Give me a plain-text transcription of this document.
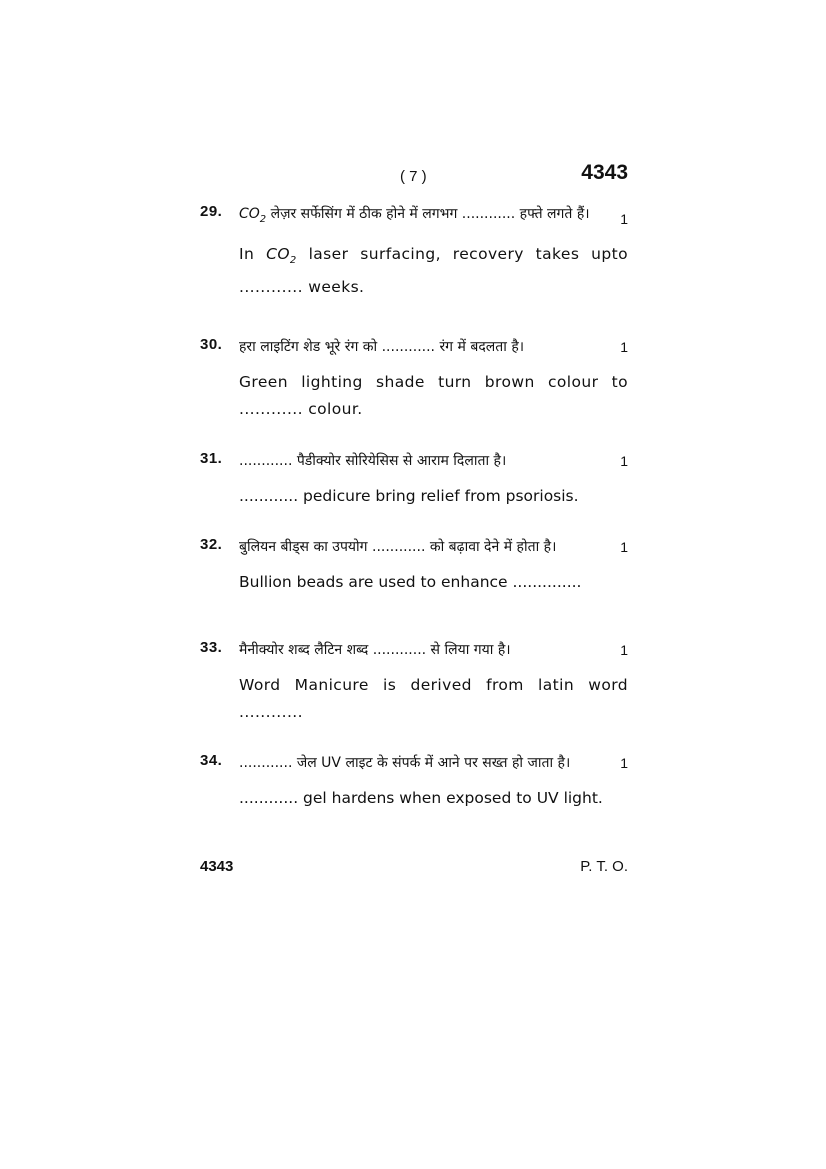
( 7 )	4343
29. $CO_2$ लेज़र सर्फेसिंग में ठीक होने में लगभग ............ हफ्ते लगते हैं। 1
In $CO_2$ laser surfacing, recovery takes upto ............ weeks.
30. हरा लाइटिंग शेड भूरे रंग को ............ रंग में बदलता है।	1
Green lighting shade turn brown colour to ............ colour.
31. ............ पैडीक्योर सोरियेसिस से आराम दिलाता है।	1
............ pedicure bring relief from psoriosis.
32. बुलियन बीड्स का उपयोग ............ को बढ़ावा देने में होता है।	1
Bullion beads are used to enhance ..............
33. मैनीक्योर शब्द लैटिन शब्द ............ से लिया गया है।	1
Word Manicure is derived from latin word ............
34. ............ जेल UV लाइट के संपर्क में आने पर सख्त हो जाता है।	1
............ gel hardens when exposed to UV light.
4343	P. T. O.
